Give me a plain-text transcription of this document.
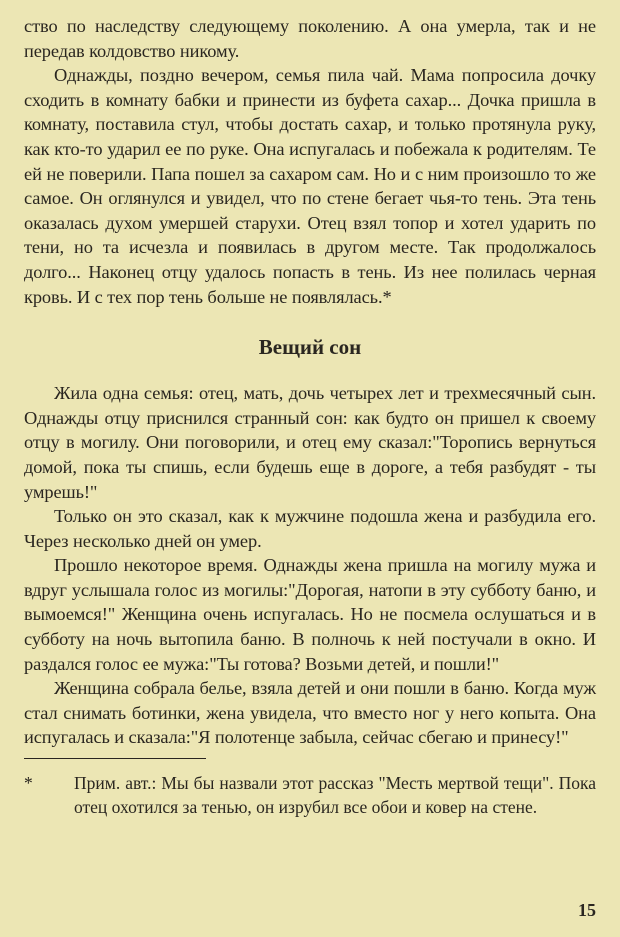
ство по наследству следующему поколению. А она умерла, так и не передав колдовство никому.

Однажды, поздно вечером, семья пила чай. Мама попросила дочку сходить в комнату бабки и принести из буфета сахар... Дочка пришла в комнату, поставила стул, чтобы достать сахар, и только протянула руку, как кто-то ударил ее по руке. Она испугалась и побежала к родителям. Те ей не поверили. Папа пошел за сахаром сам. Но и с ним произошло то же самое. Он оглянулся и увидел, что по стене бегает чья-то тень. Эта тень оказалась духом умершей старухи. Отец взял топор и хотел ударить по тени, но та исчезла и появилась в другом месте. Так продолжалось долго... Наконец отцу удалось попасть в тень. Из нее полилась черная кровь. И с тех пор тень больше не появлялась.*

Вещий сон

Жила одна семья: отец, мать, дочь четырех лет и трехмесячный сын. Однажды отцу приснился странный сон: как будто он пришел к своему отцу в могилу. Они поговорили, и отец ему сказал:"Торопись вернуться домой, пока ты спишь, если будешь еще в дороге, а тебя разбудят - ты умрешь!"

Только он это сказал, как к мужчине подошла жена и разбудила его. Через несколько дней он умер.

Прошло некоторое время. Однажды жена пришла на могилу мужа и вдруг услышала голос из могилы:"Дорогая, натопи в эту субботу баню, и вымоемся!" Женщина очень испугалась. Но не посмела ослушаться и в субботу на ночь вытопила баню. В полночь к ней постучали в окно. И раздался голос ее мужа:"Ты готова? Возьми детей, и пошли!"

Женщина собрала белье, взяла детей и они пошли в баню. Когда муж стал снимать ботинки, жена увидела, что вместо ног у него копыта. Она испугалась и сказала:"Я полотенце забыла, сейчас сбегаю и принесу!"

*	Прим. авт.: Мы бы назвали этот рассказ "Месть мертвой тещи". Пока отец охотился за тенью, он изрубил все обои и ковер на стене.
15
